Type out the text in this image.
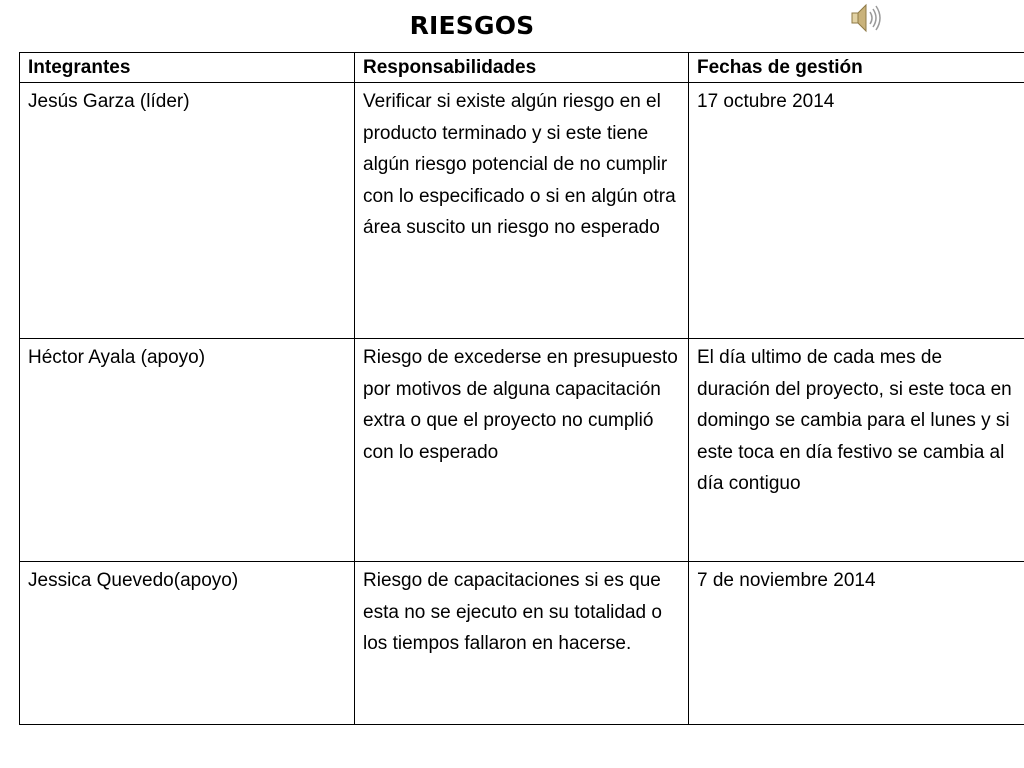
RIESGOS
Integrantes	Responsabilidades	Fechas de gestión
Jesús Garza (líder)	Verificar si existe algún riesgo en el producto terminado y si este tiene algún riesgo potencial de no cumplir con lo especificado o si en algún otra área suscito un riesgo no esperado	17 octubre 2014
Héctor Ayala (apoyo)	Riesgo de excederse en presupuesto por motivos de alguna capacitación extra o que el proyecto no cumplió con lo esperado	El día ultimo de cada mes de duración del proyecto, si este toca en domingo se cambia para el lunes y si este toca en día festivo se cambia al día contiguo
Jessica Quevedo(apoyo)	Riesgo de capacitaciones si es que esta no se ejecuto en su totalidad o los tiempos fallaron en hacerse.	7 de noviembre 2014
